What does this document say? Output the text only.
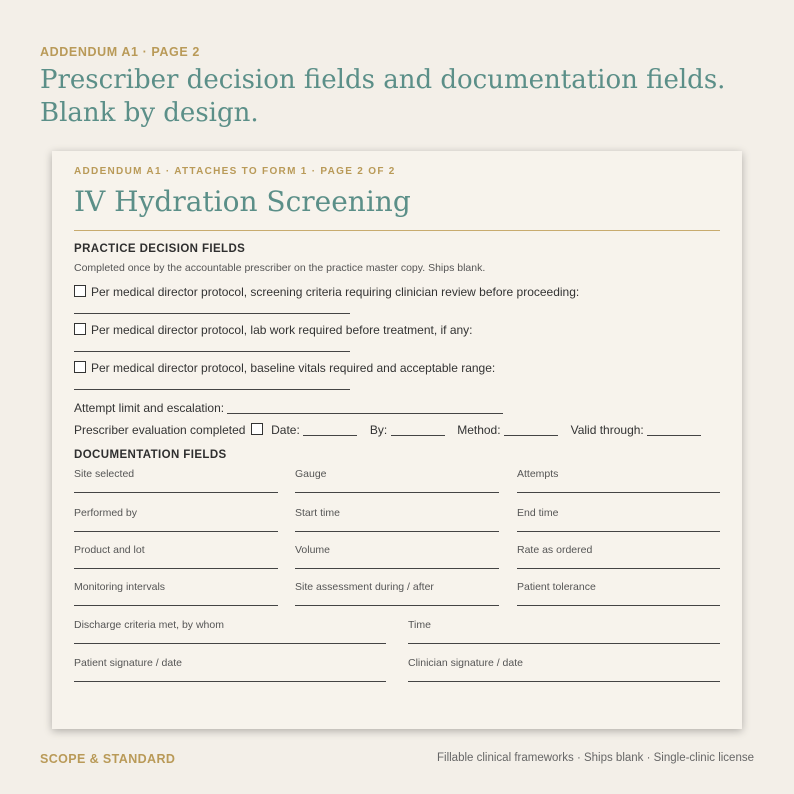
ADDENDUM A1 · PAGE 2
Prescriber decision fields and documentation fields. Blank by design.
ADDENDUM A1 · ATTACHES TO FORM 1 · PAGE 2 OF 2
IV Hydration Screening
PRACTICE DECISION FIELDS
Completed once by the accountable prescriber on the practice master copy. Ships blank.
Per medical director protocol, screening criteria requiring clinician review before proceeding:
Per medical director protocol, lab work required before treatment, if any:
Per medical director protocol, baseline vitals required and acceptable range:
Attempt limit and escalation:
Prescriber evaluation completed Date:	By:	Method:	Valid through:
DOCUMENTATION FIELDS
Site selected	Gauge	Attempts
Performed by	Start time	End time
Product and lot	Volume	Rate as ordered
Monitoring intervals	Site assessment during / after	Patient tolerance
Discharge criteria met, by whom	Time
Patient signature / date	Clinician signature / date
SCOPE & STANDARD	Fillable clinical frameworks · Ships blank · Single-clinic license
